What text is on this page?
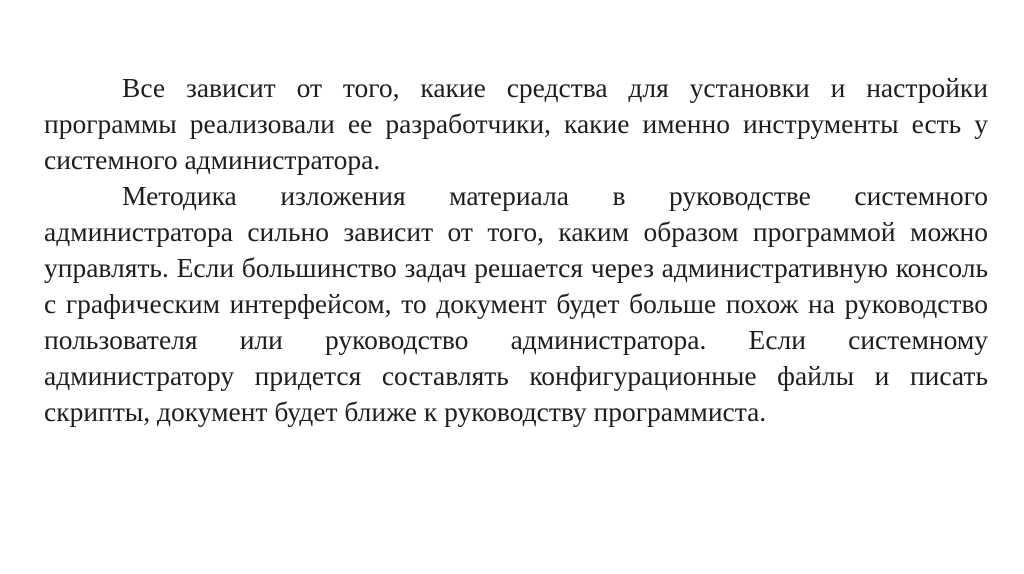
Все зависит от того, какие средства для установки и настройки программы реализовали ее разработчики, какие именно инструменты есть у системного администратора.

Методика изложения материала в руководстве системного администратора сильно зависит от того, каким образом программой можно управлять. Если большинство задач решается через административную консоль с графическим интерфейсом, то документ будет больше похож на руководство пользователя или руководство администратора. Если системному администратору придется составлять конфигурационные файлы и писать скрипты, документ будет ближе к руководству программиста.
